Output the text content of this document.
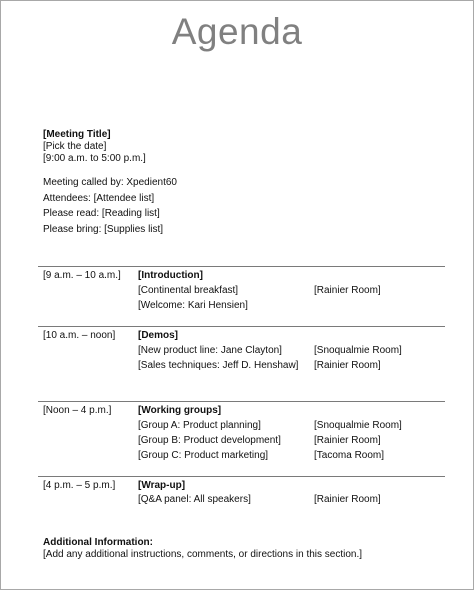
Agenda
[Meeting Title]
[Pick the date]
[9:00 a.m. to 5:00 p.m.]
Meeting called by: Xpedient60
Attendees: [Attendee list]
Please read: [Reading list]
Please bring: [Supplies list]
[9 a.m. – 10 a.m.] [Introduction]
[Continental breakfast]	[Rainier Room]
[Welcome: Kari Hensien]
[10 a.m. – noon] [Demos]
[New product line: Jane Clayton]	[Snoqualmie Room]
[Sales techniques: Jeff D. Henshaw] [Rainier Room]
[Noon – 4 p.m.]	[Working groups]
[Group A: Product planning]	[Snoqualmie Room]
[Group B: Product development]	[Rainier Room]
[Group C: Product marketing]	[Tacoma Room]
[4 p.m. – 5 p.m.] [Wrap-up]
[Q&A panel: All speakers]	[Rainier Room]
Additional Information:
[Add any additional instructions, comments, or directions in this section.]
